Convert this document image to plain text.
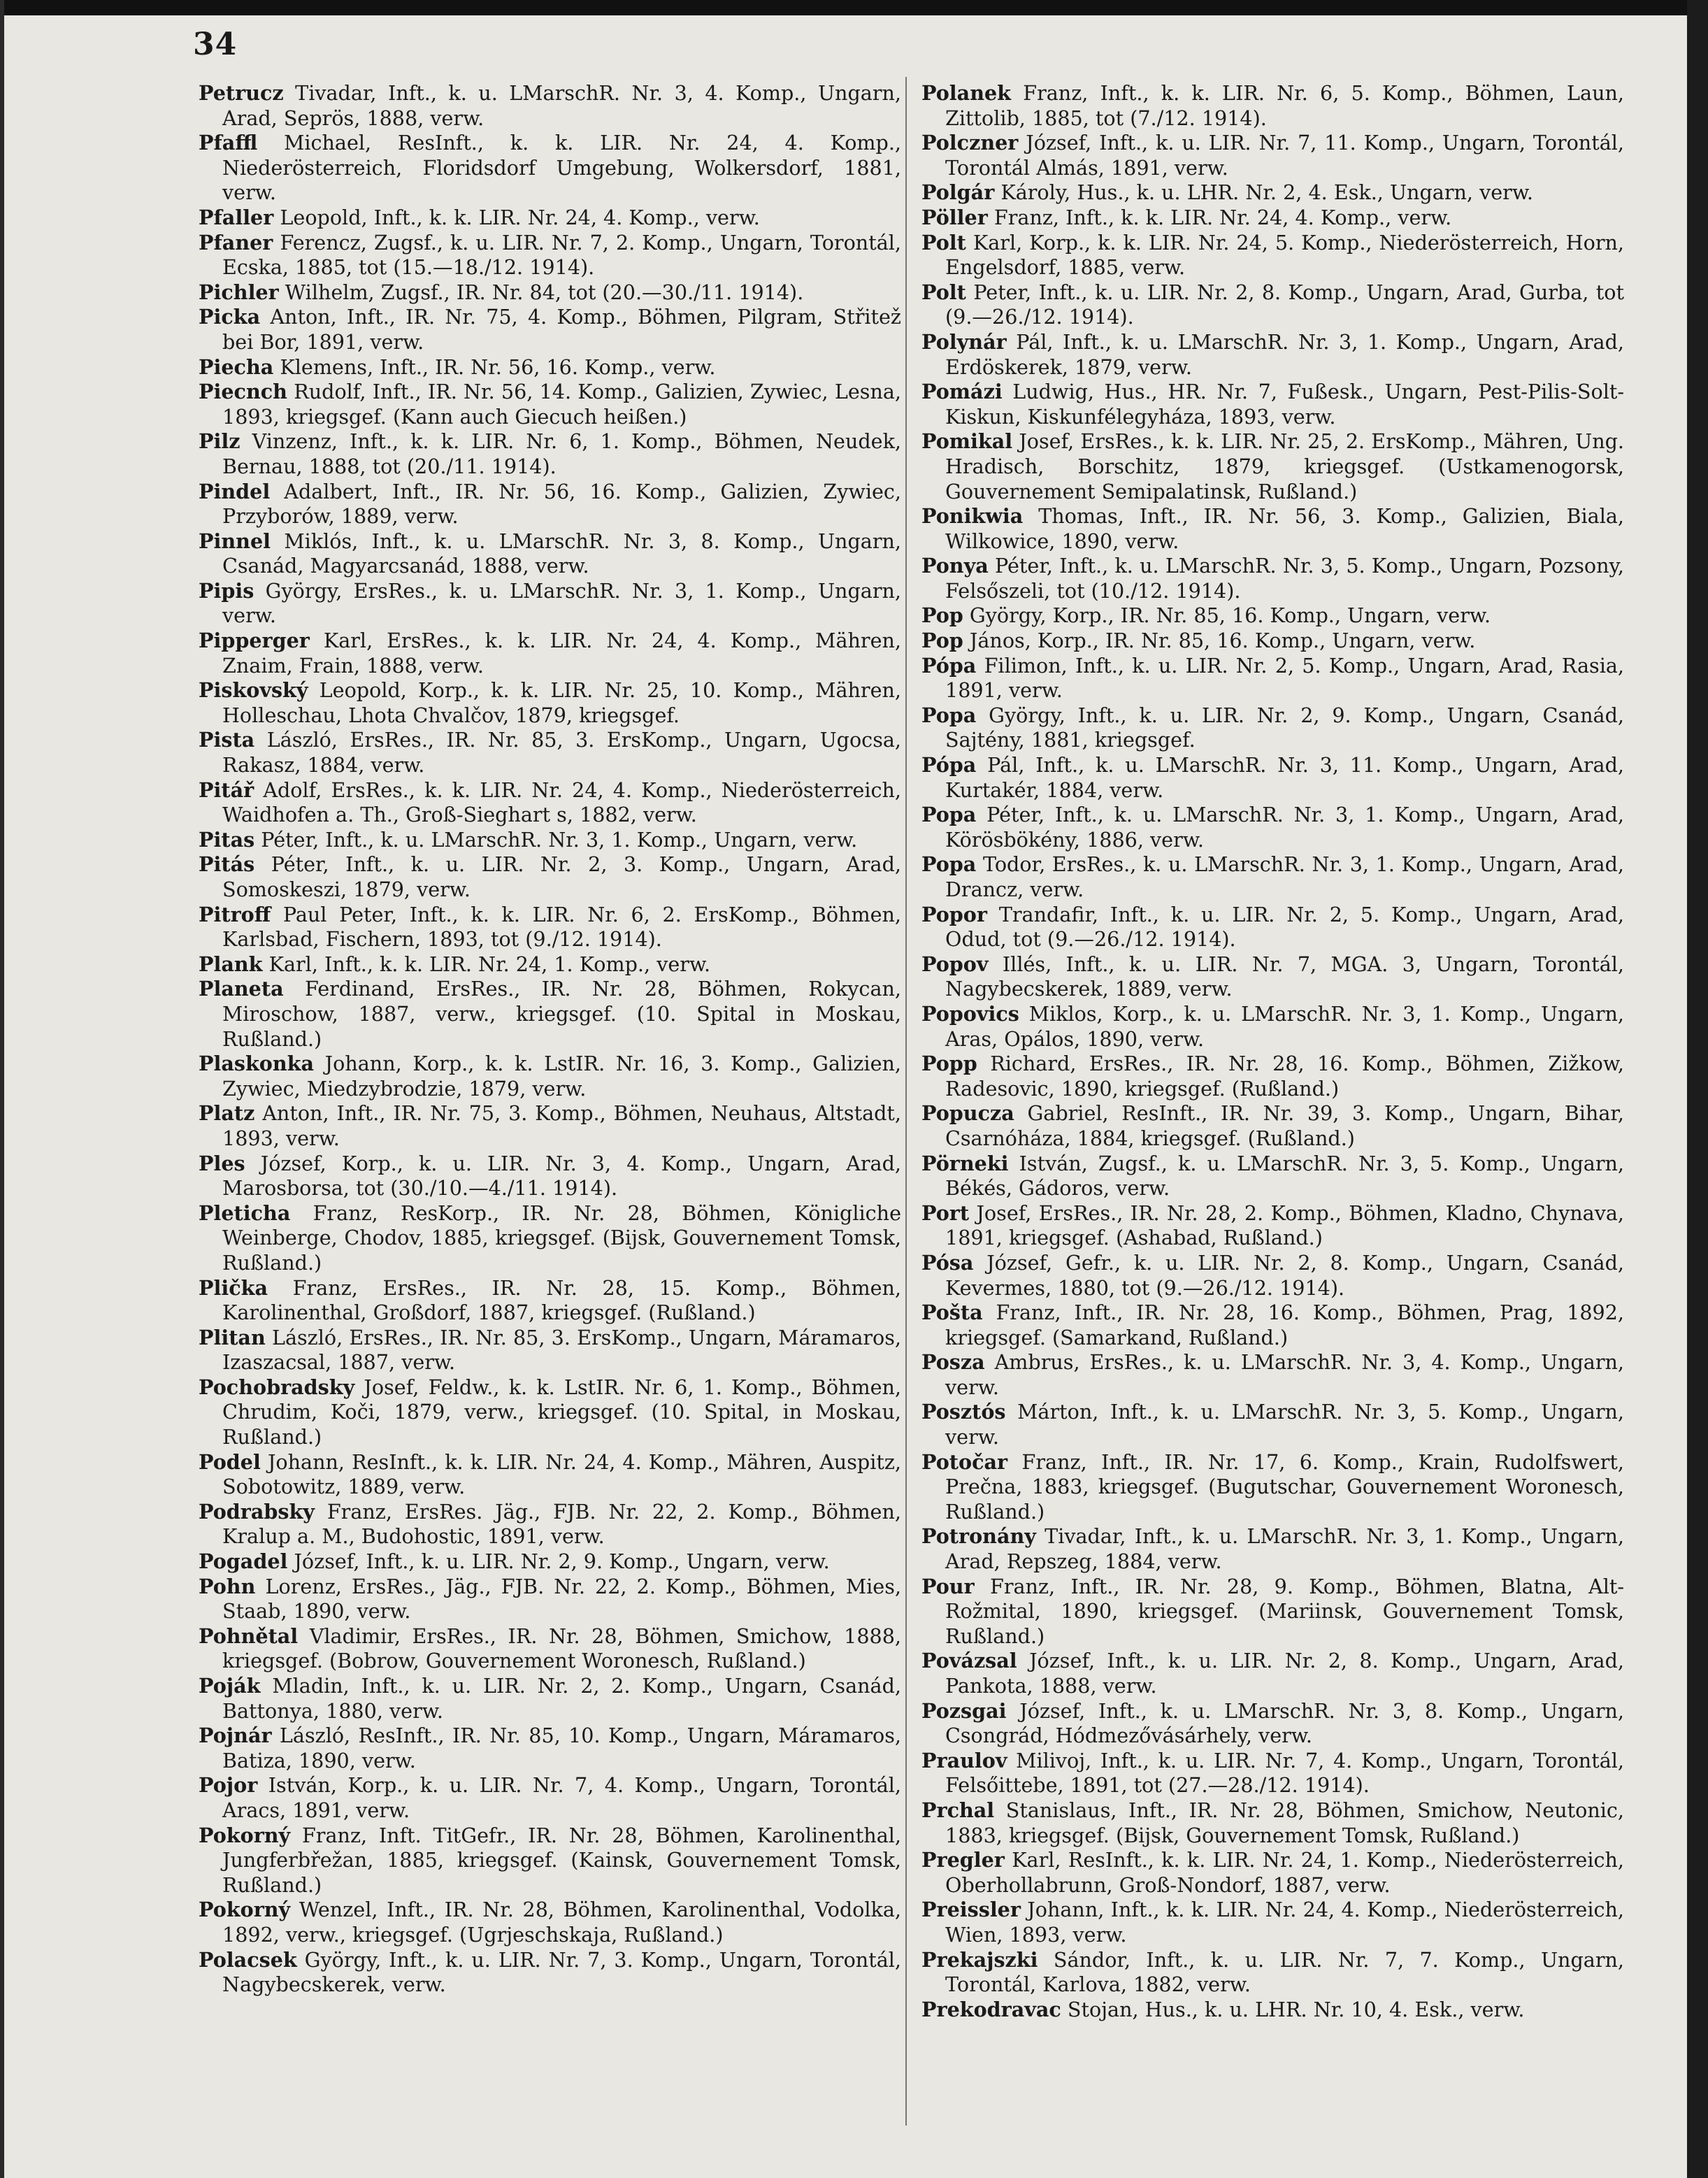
34

Petrucz Tivadar, Inft., k. u. LMarschR. Nr. 3, 4. Komp., Ungarn, Arad, Seprös, 1888, verw.

Pfaffl Michael, ResInft., k. k. LIR. Nr. 24, 4. Komp., Niederösterreich, Floridsdorf Umgebung, Wolkersdorf, 1881, verw.

Pfaller Leopold, Inft., k. k. LIR. Nr. 24, 4. Komp., verw.

Pfaner Ferencz, Zugsf., k. u. LIR. Nr. 7, 2. Komp., Ungarn, Torontál, Ecska, 1885, tot (15.—18./12. 1914).

Pichler Wilhelm, Zugsf., IR. Nr. 84, tot (20.—30./11. 1914).

Picka Anton, Inft., IR. Nr. 75, 4. Komp., Böhmen, Pilgram, Střitež bei Bor, 1891, verw.

Piecha Klemens, Inft., IR. Nr. 56, 16. Komp., verw.

Piecnch Rudolf, Inft., IR. Nr. 56, 14. Komp., Galizien, Zywiec, Lesna, 1893, kriegsgef. (Kann auch Giecuch heißen.)

Pilz Vinzenz, Inft., k. k. LIR. Nr. 6, 1. Komp., Böhmen, Neudek, Bernau, 1888, tot (20./11. 1914).

Pindel Adalbert, Inft., IR. Nr. 56, 16. Komp., Galizien, Zywiec, Przyborów, 1889, verw.

Pinnel Miklós, Inft., k. u. LMarschR. Nr. 3, 8. Komp., Ungarn, Csanád, Magyarcsanád, 1888, verw.

Pipis György, ErsRes., k. u. LMarschR. Nr. 3, 1. Komp., Ungarn, verw.

Pipperger Karl, ErsRes., k. k. LIR. Nr. 24, 4. Komp., Mähren, Znaim, Frain, 1888, verw.

Piskovský Leopold, Korp., k. k. LIR. Nr. 25, 10. Komp., Mähren, Holleschau, Lhota Chvalčov, 1879, kriegsgef.

Pista László, ErsRes., IR. Nr. 85, 3. ErsKomp., Ungarn, Ugocsa, Rakasz, 1884, verw.

Pitář Adolf, ErsRes., k. k. LIR. Nr. 24, 4. Komp., Niederösterreich, Waidhofen a. Th., Groß-Sieghart s, 1882, verw.

Pitas Péter, Inft., k. u. LMarschR. Nr. 3, 1. Komp., Ungarn, verw.

Pitás Péter, Inft., k. u. LIR. Nr. 2, 3. Komp., Ungarn, Arad, Somoskeszi, 1879, verw.

Pitroff Paul Peter, Inft., k. k. LIR. Nr. 6, 2. ErsKomp., Böhmen, Karlsbad, Fischern, 1893, tot (9./12. 1914).

Plank Karl, Inft., k. k. LIR. Nr. 24, 1. Komp., verw.

Planeta Ferdinand, ErsRes., IR. Nr. 28, Böhmen, Rokycan, Miroschow, 1887, verw., kriegsgef. (10. Spital in Moskau, Rußland.)

Plaskonka Johann, Korp., k. k. LstIR. Nr. 16, 3. Komp., Galizien, Zywiec, Miedzybrodzie, 1879, verw.

Platz Anton, Inft., IR. Nr. 75, 3. Komp., Böhmen, Neuhaus, Altstadt, 1893, verw.

Ples József, Korp., k. u. LIR. Nr. 3, 4. Komp., Ungarn, Arad, Marosborsa, tot (30./10.—4./11. 1914).

Pleticha Franz, ResKorp., IR. Nr. 28, Böhmen, Königliche Weinberge, Chodov, 1885, kriegsgef. (Bijsk, Gouvernement Tomsk, Rußland.)

Plička Franz, ErsRes., IR. Nr. 28, 15. Komp., Böhmen, Karolinenthal, Großdorf, 1887, kriegsgef. (Rußland.)

Plitan László, ErsRes., IR. Nr. 85, 3. ErsKomp., Ungarn, Máramaros, Izaszacsal, 1887, verw.

Pochobradsky Josef, Feldw., k. k. LstIR. Nr. 6, 1. Komp., Böhmen, Chrudim, Koči, 1879, verw., kriegsgef. (10. Spital, in Moskau, Rußland.)

Podel Johann, ResInft., k. k. LIR. Nr. 24, 4. Komp., Mähren, Auspitz, Sobotowitz, 1889, verw.

Podrabsky Franz, ErsRes. Jäg., FJB. Nr. 22, 2. Komp., Böhmen, Kralup a. M., Budohostic, 1891, verw.

Pogadel József, Inft., k. u. LIR. Nr. 2, 9. Komp., Ungarn, verw.

Pohn Lorenz, ErsRes., Jäg., FJB. Nr. 22, 2. Komp., Böhmen, Mies, Staab, 1890, verw.

Pohnětal Vladimir, ErsRes., IR. Nr. 28, Böhmen, Smichow, 1888, kriegsgef. (Bobrow, Gouvernement Woronesch, Rußland.)

Poják Mladin, Inft., k. u. LIR. Nr. 2, 2. Komp., Ungarn, Csanád, Battonya, 1880, verw.

Pojnár László, ResInft., IR. Nr. 85, 10. Komp., Ungarn, Máramaros, Batiza, 1890, verw.

Pojor István, Korp., k. u. LIR. Nr. 7, 4. Komp., Ungarn, Torontál, Aracs, 1891, verw.

Pokorný Franz, Inft. TitGefr., IR. Nr. 28, Böhmen, Karolinenthal, Jungferbřežan, 1885, kriegsgef. (Kainsk, Gouvernement Tomsk, Rußland.)

Pokorný Wenzel, Inft., IR. Nr. 28, Böhmen, Karolinenthal, Vodolka, 1892, verw., kriegsgef. (Ugrjeschskaja, Rußland.)

Polacsek György, Inft., k. u. LIR. Nr. 7, 3. Komp., Ungarn, Torontál, Nagybecskerek, verw.

Polanek Franz, Inft., k. k. LIR. Nr. 6, 5. Komp., Böhmen, Laun, Zittolib, 1885, tot (7./12. 1914).

Polczner József, Inft., k. u. LIR. Nr. 7, 11. Komp., Ungarn, Torontál, Torontál Almás, 1891, verw.

Polgár Károly, Hus., k. u. LHR. Nr. 2, 4. Esk., Ungarn, verw.

Pöller Franz, Inft., k. k. LIR. Nr. 24, 4. Komp., verw.

Polt Karl, Korp., k. k. LIR. Nr. 24, 5. Komp., Niederösterreich, Horn, Engelsdorf, 1885, verw.

Polt Peter, Inft., k. u. LIR. Nr. 2, 8. Komp., Ungarn, Arad, Gurba, tot (9.—26./12. 1914).

Polynár Pál, Inft., k. u. LMarschR. Nr. 3, 1. Komp., Ungarn, Arad, Erdöskerek, 1879, verw.

Pomázi Ludwig, Hus., HR. Nr. 7, Fußesk., Ungarn, Pest-Pilis-Solt-Kiskun, Kiskunfélegyháza, 1893, verw.

Pomikal Josef, ErsRes., k. k. LIR. Nr. 25, 2. ErsKomp., Mähren, Ung. Hradisch, Borschitz, 1879, kriegsgef. (Ustkamenogorsk, Gouvernement Semipalatinsk, Rußland.)

Ponikwia Thomas, Inft., IR. Nr. 56, 3. Komp., Galizien, Biala, Wilkowice, 1890, verw.

Ponya Péter, Inft., k. u. LMarschR. Nr. 3, 5. Komp., Ungarn, Pozsony, Felsőszeli, tot (10./12. 1914).

Pop György, Korp., IR. Nr. 85, 16. Komp., Ungarn, verw.

Pop János, Korp., IR. Nr. 85, 16. Komp., Ungarn, verw.

Pópa Filimon, Inft., k. u. LIR. Nr. 2, 5. Komp., Ungarn, Arad, Rasia, 1891, verw.

Popa György, Inft., k. u. LIR. Nr. 2, 9. Komp., Ungarn, Csanád, Sajtény, 1881, kriegsgef.

Pópa Pál, Inft., k. u. LMarschR. Nr. 3, 11. Komp., Ungarn, Arad, Kurtakér, 1884, verw.

Popa Péter, Inft., k. u. LMarschR. Nr. 3, 1. Komp., Ungarn, Arad, Körösbökény, 1886, verw.

Popa Todor, ErsRes., k. u. LMarschR. Nr. 3, 1. Komp., Ungarn, Arad, Drancz, verw.

Popor Trandafir, Inft., k. u. LIR. Nr. 2, 5. Komp., Ungarn, Arad, Odud, tot (9.—26./12. 1914).

Popov Illés, Inft., k. u. LIR. Nr. 7, MGA. 3, Ungarn, Torontál, Nagybecskerek, 1889, verw.

Popovics Miklos, Korp., k. u. LMarschR. Nr. 3, 1. Komp., Ungarn, Aras, Opálos, 1890, verw.

Popp Richard, ErsRes., IR. Nr. 28, 16. Komp., Böhmen, Zižkow, Radesovic, 1890, kriegsgef. (Rußland.)

Popucza Gabriel, ResInft., IR. Nr. 39, 3. Komp., Ungarn, Bihar, Csarnóháza, 1884, kriegsgef. (Rußland.)

Pörneki István, Zugsf., k. u. LMarschR. Nr. 3, 5. Komp., Ungarn, Békés, Gádoros, verw.

Port Josef, ErsRes., IR. Nr. 28, 2. Komp., Böhmen, Kladno, Chynava, 1891, kriegsgef. (Ashabad, Rußland.)

Pósa József, Gefr., k. u. LIR. Nr. 2, 8. Komp., Ungarn, Csanád, Kevermes, 1880, tot (9.—26./12. 1914).

Pošta Franz, Inft., IR. Nr. 28, 16. Komp., Böhmen, Prag, 1892, kriegsgef. (Samarkand, Rußland.)

Posza Ambrus, ErsRes., k. u. LMarschR. Nr. 3, 4. Komp., Ungarn, verw.

Posztós Márton, Inft., k. u. LMarschR. Nr. 3, 5. Komp., Ungarn, verw.

Potočar Franz, Inft., IR. Nr. 17, 6. Komp., Krain, Rudolfswert, Prečna, 1883, kriegsgef. (Bugutschar, Gouvernement Woronesch, Rußland.)

Potronány Tivadar, Inft., k. u. LMarschR. Nr. 3, 1. Komp., Ungarn, Arad, Repszeg, 1884, verw.

Pour Franz, Inft., IR. Nr. 28, 9. Komp., Böhmen, Blatna, Alt-Rožmital, 1890, kriegsgef. (Mariinsk, Gouvernement Tomsk, Rußland.)

Povázsal József, Inft., k. u. LIR. Nr. 2, 8. Komp., Ungarn, Arad, Pankota, 1888, verw.

Pozsgai József, Inft., k. u. LMarschR. Nr. 3, 8. Komp., Ungarn, Csongrád, Hódmezővásárhely, verw.

Praulov Milivoj, Inft., k. u. LIR. Nr. 7, 4. Komp., Ungarn, Torontál, Felsőittebe, 1891, tot (27.—28./12. 1914).

Prchal Stanislaus, Inft., IR. Nr. 28, Böhmen, Smichow, Neutonic, 1883, kriegsgef. (Bijsk, Gouvernement Tomsk, Rußland.)

Pregler Karl, ResInft., k. k. LIR. Nr. 24, 1. Komp., Niederösterreich, Oberhollabrunn, Groß-Nondorf, 1887, verw.

Preissler Johann, Inft., k. k. LIR. Nr. 24, 4. Komp., Niederösterreich, Wien, 1893, verw.

Prekajszki Sándor, Inft., k. u. LIR. Nr. 7, 7. Komp., Ungarn, Torontál, Karlova, 1882, verw.

Prekodravac Stojan, Hus., k. u. LHR. Nr. 10, 4. Esk., verw.
